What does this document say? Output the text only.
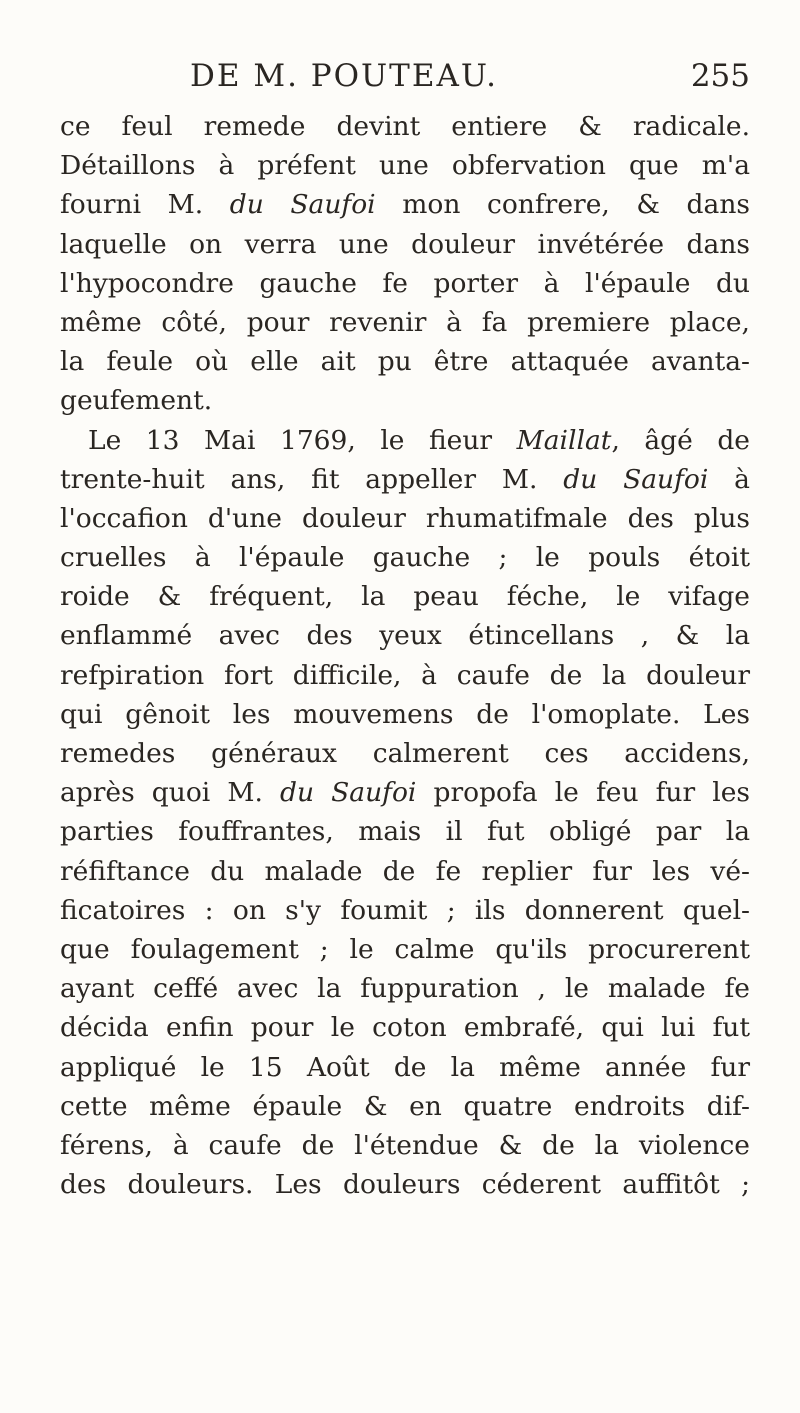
DE M. POUTEAU.	255
ce feul remede devint entiere & radicale.
Détaillons à préfent une obfervation que m'a
fourni M. du Saufoi mon confrere, & dans
laquelle on verra une douleur invétérée dans
l'hypocondre gauche fe porter à l'épaule du
même côté, pour revenir à fa premiere place,
la feule où elle ait pu être attaquée avanta-
geufement.
Le 13 Mai 1769, le fieur Maillat, âgé de
trente-huit ans, fit appeller M. du Saufoi à
l'occafion d'une douleur rhumatifmale des plus
cruelles à l'épaule gauche ; le pouls étoit
roide & fréquent, la peau féche, le vifage
enflammé avec des yeux étincellans , & la
refpiration fort difficile, à caufe de la douleur
qui gênoit les mouvemens de l'omoplate. Les
remedes généraux calmerent ces accidens,
après quoi M. du Saufoi propofa le feu fur les
parties fouffrantes, mais il fut obligé par la
réfiftance du malade de fe replier fur les vé-
ficatoires : on s'y foumit ; ils donnerent quel-
que foulagement ; le calme qu'ils procurerent
ayant ceffé avec la fuppuration , le malade fe
décida enfin pour le coton embrafé, qui lui fut
appliqué le 15 Août de la même année fur
cette même épaule & en quatre endroits dif-
férens, à caufe de l'étendue & de la violence
des douleurs. Les douleurs céderent auffitôt ;
